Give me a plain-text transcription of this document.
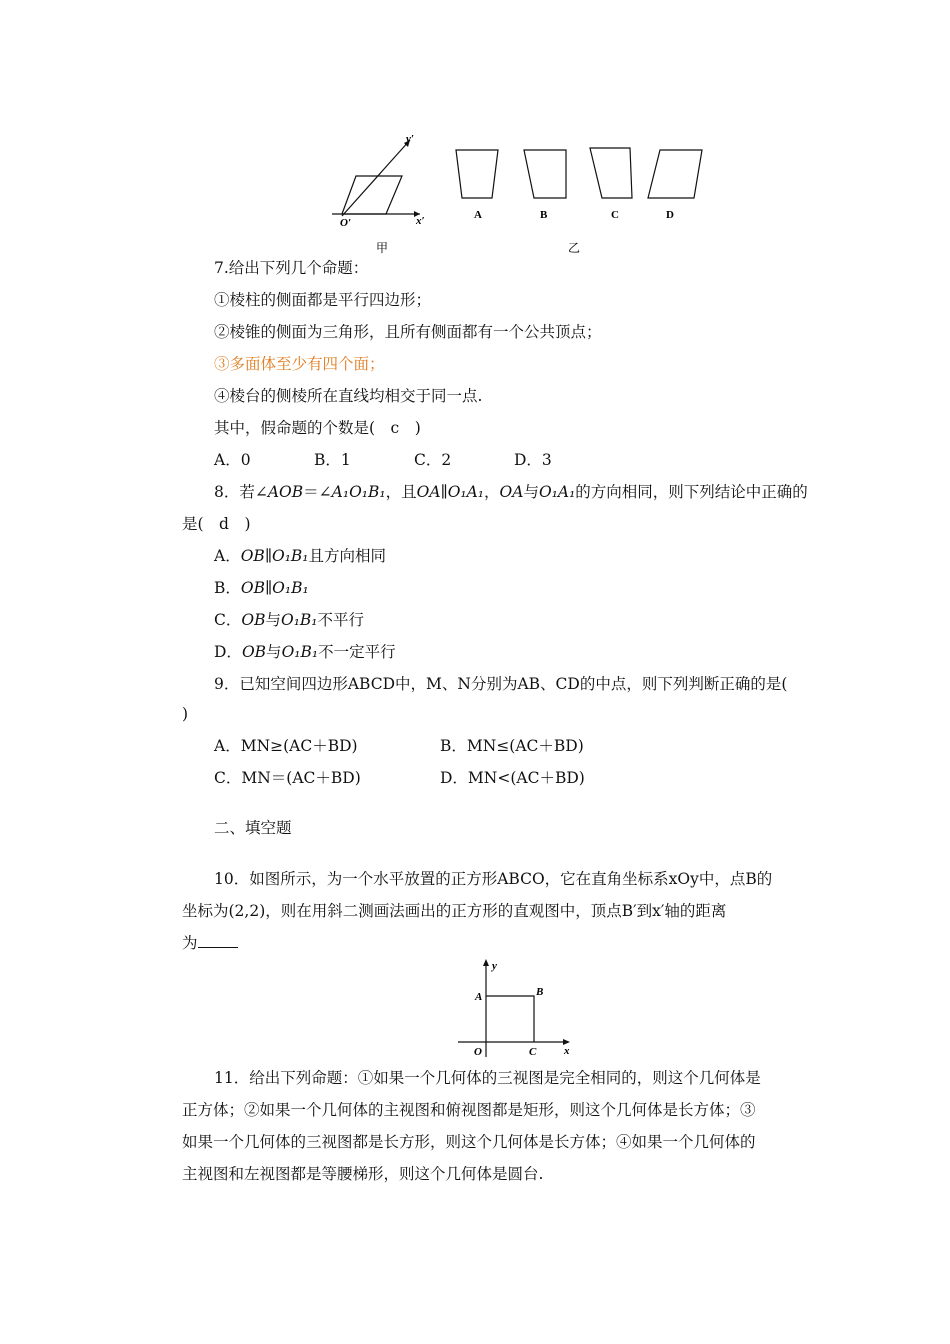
y′
x′
O′
甲
A	B	C	D
乙
7.给出下列几个命题：
①棱柱的侧面都是平行四边形；
②棱锥的侧面为三角形，且所有侧面都有一个公共顶点；
③多面体至少有四个面；
④棱台的侧棱所在直线均相交于同一点.
其中，假命题的个数是(　c　)
A．0	B．1	C．2	D．3
8．若∠AOB＝∠A₁O₁B₁，且OA∥O₁A₁，OA与O₁A₁的方向相同，则下列结论中正确的
是(　d　)
A．OB∥O₁B₁且方向相同
B．OB∥O₁B₁
C．OB与O₁B₁不平行
D．OB与O₁B₁不一定平行
9．已知空间四边形ABCD中，M、N分别为AB、CD的中点，则下列判断正确的是(
)
A．MN≥(AC＋BD)	B．MN≤(AC＋BD)
C．MN＝(AC＋BD)	D．MN<(AC＋BD)
二、填空题
10．如图所示，为一个水平放置的正方形ABCO，它在直角坐标系xOy中，点B的
坐标为(2,2)，则在用斜二测画法画出的正方形的直观图中，顶点B′到x′轴的距离
为
y
x
A	B
O	C
11．给出下列命题：①如果一个几何体的三视图是完全相同的，则这个几何体是
正方体；②如果一个几何体的主视图和俯视图都是矩形，则这个几何体是长方体；③
如果一个几何体的三视图都是长方形，则这个几何体是长方体；④如果一个几何体的
主视图和左视图都是等腰梯形，则这个几何体是圆台.
